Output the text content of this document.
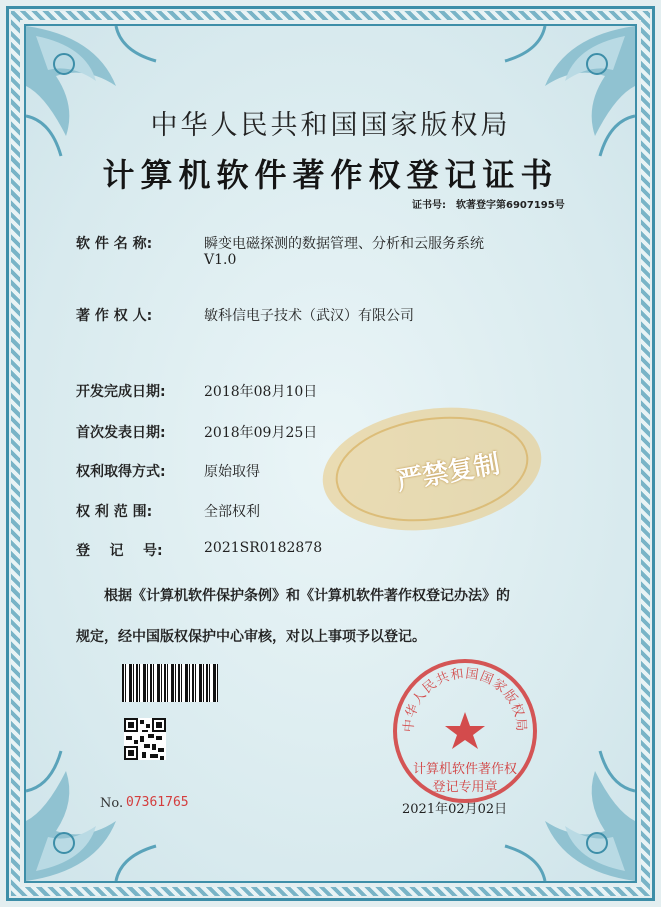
中华人民共和国国家版权局
计算机软件著作权登记证书
证书号: 软著登字第6907195号
软 件 名 称:	瞬变电磁探测的数据管理、分析和云服务系统
V1.0
著 作 权 人:	敏科信电子技术（武汉）有限公司
开发完成日期:	2018年08月10日
首次发表日期:	2018年09月25日
权利取得方式:	原始取得
权 利 范 围:	全部权利
登    记    号:	2021SR0182878
严禁复制
根据《计算机软件保护条例》和《计算机软件著作权登记办法》的
规定，经中国版权保护中心审核，对以上事项予以登记。
No. 07361765
中华人民共和国国家版权局
计算机软件著作权
登记专用章
2021年02月02日
